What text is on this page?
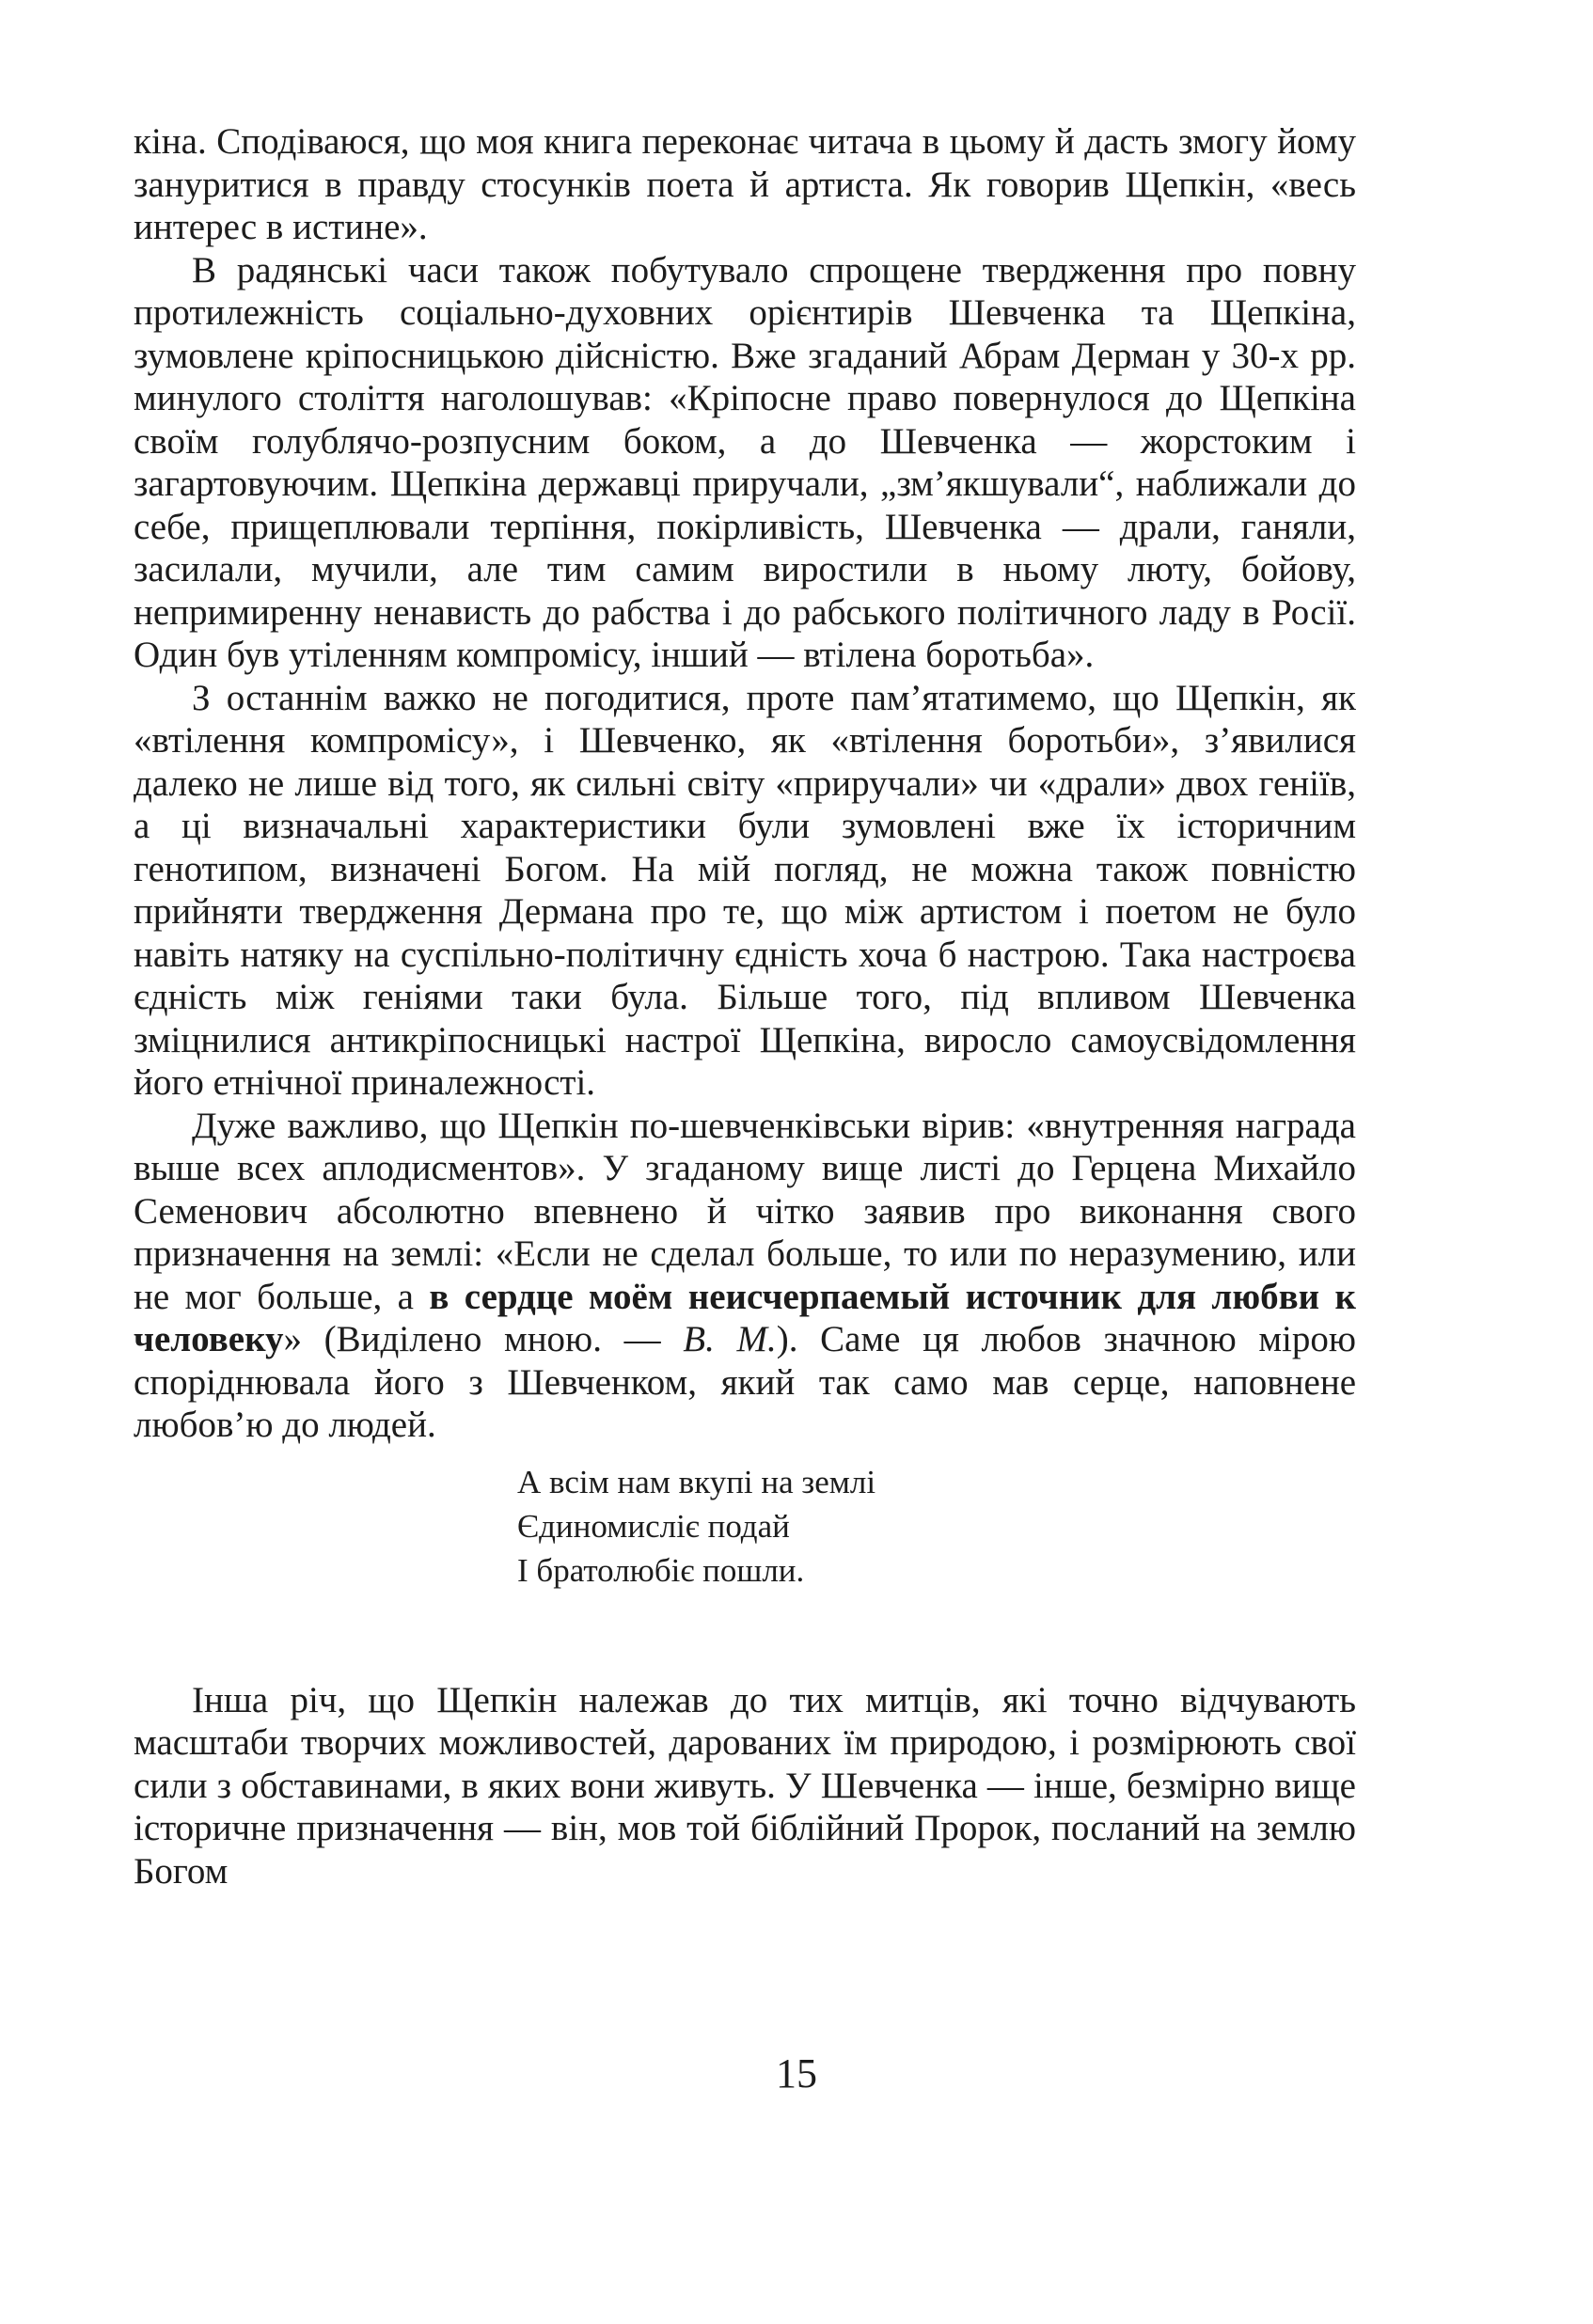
кіна. Сподіваюся, що моя книга переконає читача в цьому й дасть змогу йому зануритися в правду стосунків поета й артиста. Як говорив Щепкін, «весь интерес в истине».

В радянські часи також побутувало спрощене твердження про повну протилежність соціально-духовних орієнтирів Шевченка та Щепкіна, зумовлене кріпосницькою дійсністю. Вже згаданий Абрам Дерман у 30-х рр. минулого століття наголошував: «Кріпосне право повернулося до Щепкіна своїм голублячо-розпусним боком, а до Шевченка — жорстоким і загартовуючим. Щепкіна державці приручали, „зм’якшували“, наближали до себе, прищеплювали терпіння, покірливість, Шевченка — драли, ганяли, засилали, мучили, але тим самим виростили в ньому люту, бойову, непримиренну ненависть до рабства і до рабського політичного ладу в Росії. Один був утіленням компромісу, інший — втілена боротьба».

З останнім важко не погодитися, проте пам’ятатимемо, що Щепкін, як «втілення компромісу», і Шевченко, як «втілення боротьби», з’явилися далеко не лише від того, як сильні світу «приручали» чи «драли» двох геніїв, а ці визначальні характеристики були зумовлені вже їх історичним генотипом, визначені Богом. На мій погляд, не можна також повністю прийняти твердження Дермана про те, що між артистом і поетом не було навіть натяку на суспільно-політичну єдність хоча б настрою. Така настроєва єдність між геніями таки була. Більше того, під впливом Шевченка зміцнилися антикріпосницькі настрої Щепкіна, виросло самоусвідомлення його етнічної приналежності.

Дуже важливо, що Щепкін по-шевченківськи вірив: «внутренняя награда выше всех аплодисментов». У згаданому вище листі до Герцена Михайло Семенович абсолютно впевнено й чітко заявив про виконання свого призначення на землі: «Если не сделал больше, то или по неразумению, или не мог больше, а в сердце моём неисчерпаемый источник для любви к человеку» (Виділено мною. — В. М.). Саме ця любов значною мірою споріднювала його з Шевченком, який так само мав серце, наповнене любов’ю до людей.

А всім нам вкупі на землі
Єдиномисліє подай
І братолюбіє пошли.

Інша річ, що Щепкін належав до тих митців, які точно відчувають масштаби творчих можливостей, дарованих їм природою, і розмірюють свої сили з обставинами, в яких вони живуть. У Шевченка — інше, безмірно вище історичне призначення — він, мов той біблійний Пророк, посланий на землю Богом

15
